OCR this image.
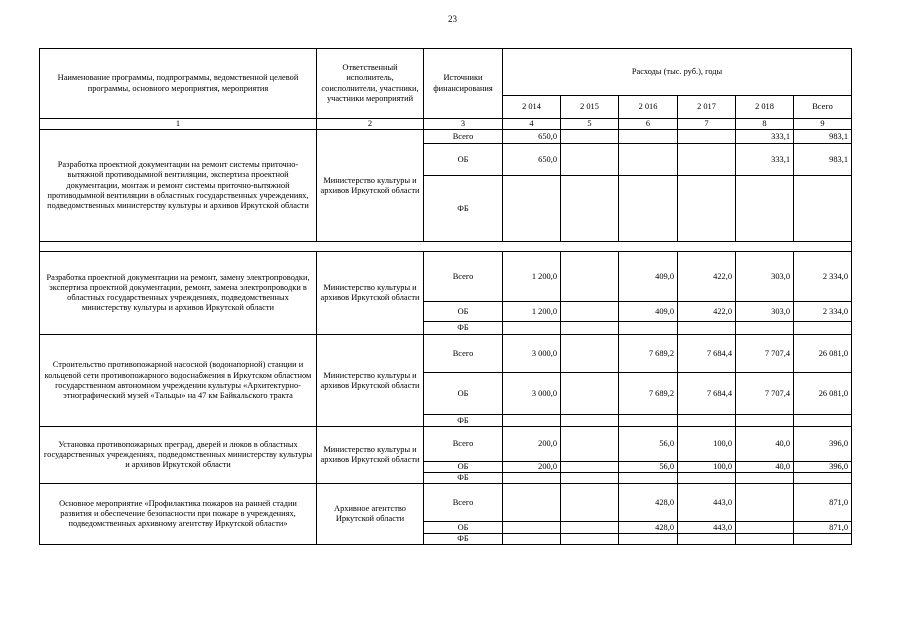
23
Наименование программы, подпрограммы, ведомственной целевой программы, основного мероприятия, мероприятия	Ответственный исполнитель, соисполнители, участники, участники мероприятий	Источники финансирования	Расходы (тыс. руб.), годы					
			2 014	2 015	2 016	2 017	2 018	Всего
1	2	3	4	5	6	7	8	9
Разработка проектной документации на ремонт системы приточно-вытяжной противодымной вентиляции, экспертиза проектной документации, монтаж и ремонт системы приточно-вытяжной противодымной вентиляции в областных государственных учреждениях, подведомственных министерству культуры и архивов Иркутской области	Министерство культуры и архивов Иркутской области	Всего	650,0				333,1	983,1
		ОБ	650,0				333,1	983,1
		ФБ						

Разработка проектной документации на ремонт, замену электропроводки, экспертиза проектной документации, ремонт, замена электропроводки в областных государственных учреждениях, подведомственных министерству культуры и архивов Иркутской области	Министерство культуры и архивов Иркутской области	Всего	1 200,0		409,0	422,0	303,0	2 334,0
		ОБ	1 200,0		409,0	422,0	303,0	2 334,0
		ФБ						
Строительство противопожарной насосной (водонапорной) станции и кольцевой сети противопожарного водоснабжения в Иркутском областном государственном автономном учреждении культуры «Архитектурно-этнографический музей «Тальцы» на 47 км Байкальского тракта	Министерство культуры и архивов Иркутской области	Всего	3 000,0		7 689,2	7 684,4	7 707,4	26 081,0
		ОБ	3 000,0		7 689,2	7 684,4	7 707,4	26 081,0
		ФБ						
Установка противопожарных преград, дверей и люков в областных государственных учреждениях, подведомственных министерству культуры и архивов Иркутской области	Министерство культуры и архивов Иркутской области	Всего	200,0		56,0	100,0	40,0	396,0
		ОБ	200,0		56,0	100,0	40,0	396,0
		ФБ						
Основное мероприятие «Профилактика пожаров на ранней стадии развития и обеспечение безопасности при пожаре в учреждениях, подведомственных архивному агентству Иркутской области»	Архивное агентство Иркутской области	Всего			428,0	443,0		871,0
		ОБ			428,0	443,0		871,0
		ФБ						
